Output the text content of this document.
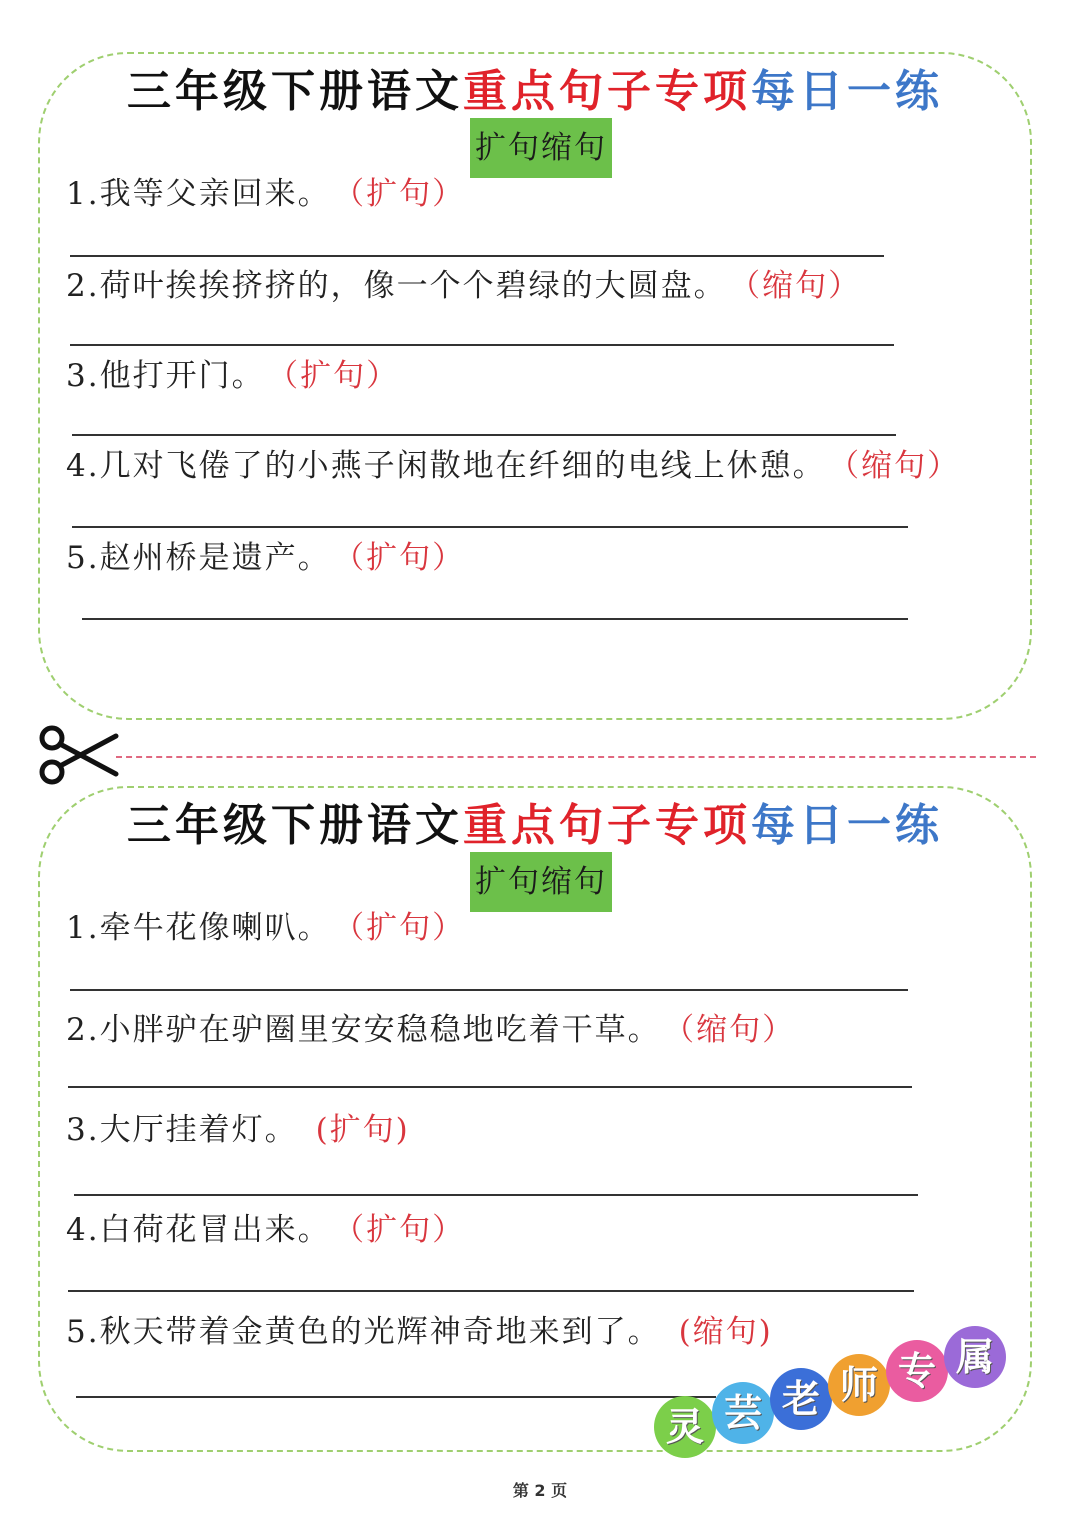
三年级下册语文重点句子专项每日一练
扩句缩句
1.我等父亲回来。 （扩句）
2.荷叶挨挨挤挤的，像一个个碧绿的大圆盘。 （缩句）
3.他打开门。 （扩句）
4.几对飞倦了的小燕子闲散地在纤细的电线上休憩。 （缩句）
5.赵州桥是遗产。 （扩句）
三年级下册语文重点句子专项每日一练
扩句缩句
1.牵牛花像喇叭。 （扩句）
2.小胖驴在驴圈里安安稳稳地吃着干草。 （缩句）
3.大厅挂着灯。 (扩句)
4.白荷花冒出来。 （扩句）
5.秋天带着金黄色的光辉神奇地来到了。 (缩句)
灵 芸 老 师 专 属
第 2 页
